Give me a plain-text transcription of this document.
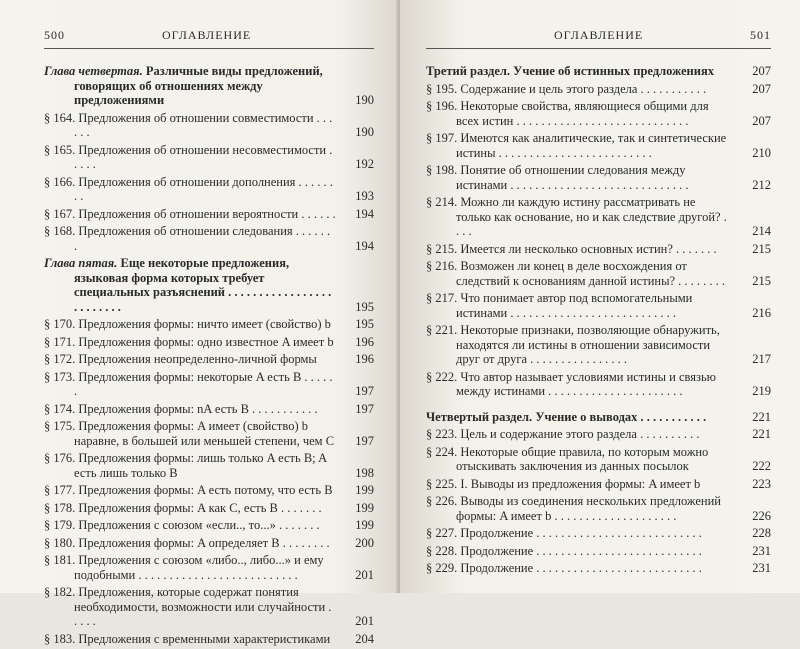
500	ОГЛАВЛЕНИЕ
Глава четвертая. Различные виды предложений, говорящих об отношениях между предложениями	190
§ 164. Предложения об отношении совместимости . . . . . .	190
§ 165. Предложения об отношении несовместимости . . . . .	192
§ 166. Предложения об отношении дополнения . . . . . . . .	193
§ 167. Предложения об отношении вероятности . . . . . .	194
§ 168. Предложения об отношении следования . . . . . . .	194
Глава пятая. Еще некоторые предложения, языковая форма которых требует специальных разъяснений . . . . . . . . . . . . . . . . . . . . . . . . .	195
§ 170. Предложения формы: ничто имеет (свойство) b	195
§ 171. Предложения формы: одно известное A имеет b	196
§ 172. Предложения неопределенно-личной формы	196
§ 173. Предложения формы: некоторые A есть B . . . . . .	197
§ 174. Предложения формы: nA есть B . . . . . . . . . . .	197
§ 175. Предложения формы: A имеет (свойство) b наравне, в большей или меньшей степени, чем C	197
§ 176. Предложения формы: лишь только A есть B; A есть лишь только B	198
§ 177. Предложения формы: A есть потому, что есть B	199
§ 178. Предложения формы: A как C, есть B . . . . . . .	199
§ 179. Предложения с союзом «если.., то...» . . . . . . .	199
§ 180. Предложения формы: A определяет B . . . . . . . .	200
§ 181. Предложения с союзом «либо.., либо...» и ему подобными . . . . . . . . . . . . . . . . . . . . . . . . . .	201
§ 182. Предложения, которые содержат понятия необходимости, возможности или случайности . . . . .	201
§ 183. Предложения с временными характеристиками	204
ОГЛАВЛЕНИЕ	501
Третий раздел. Учение об истинных предложениях	207
§ 195. Содержание и цель этого раздела . . . . . . . . . . .	207
§ 196. Некоторые свойства, являющиеся общими для всех истин . . . . . . . . . . . . . . . . . . . . . . . . . . . .	207
§ 197. Имеются как аналитические, так и синтетические истины . . . . . . . . . . . . . . . . . . . . . . . . .	210
§ 198. Понятие об отношении следования между истинами . . . . . . . . . . . . . . . . . . . . . . . . . . . . .	212
§ 214. Можно ли каждую истину рассматривать не только как основание, но и как следствие другой? . . . .	214
§ 215. Имеется ли несколько основных истин? . . . . . . .	215
§ 216. Возможен ли конец в деле восхождения от следствий к основаниям данной истины? . . . . . . . .	215
§ 217. Что понимает автор под вспомогательными истинами . . . . . . . . . . . . . . . . . . . . . . . . . . .	216
§ 221. Некоторые признаки, позволяющие обнаружить, находятся ли истины в отношении зависимости друг от друга . . . . . . . . . . . . . . . .	217
§ 222. Что автор называет условиями истины и связью между истинами . . . . . . . . . . . . . . . . . . . . . .	219
Четвертый раздел. Учение о выводах . . . . . . . . . . .	221
§ 223. Цель и содержание этого раздела . . . . . . . . . .	221
§ 224. Некоторые общие правила, по которым можно отыскивать заключения из данных посылок	222
§ 225. I. Выводы из предложения формы: A имеет b	223
§ 226. Выводы из соединения нескольких предложений формы: A имеет b . . . . . . . . . . . . . . . . . . . .	226
§ 227. Продолжение . . . . . . . . . . . . . . . . . . . . . . . . . . .	228
§ 228. Продолжение . . . . . . . . . . . . . . . . . . . . . . . . . . .	231
§ 229. Продолжение . . . . . . . . . . . . . . . . . . . . . . . . . . .	231
